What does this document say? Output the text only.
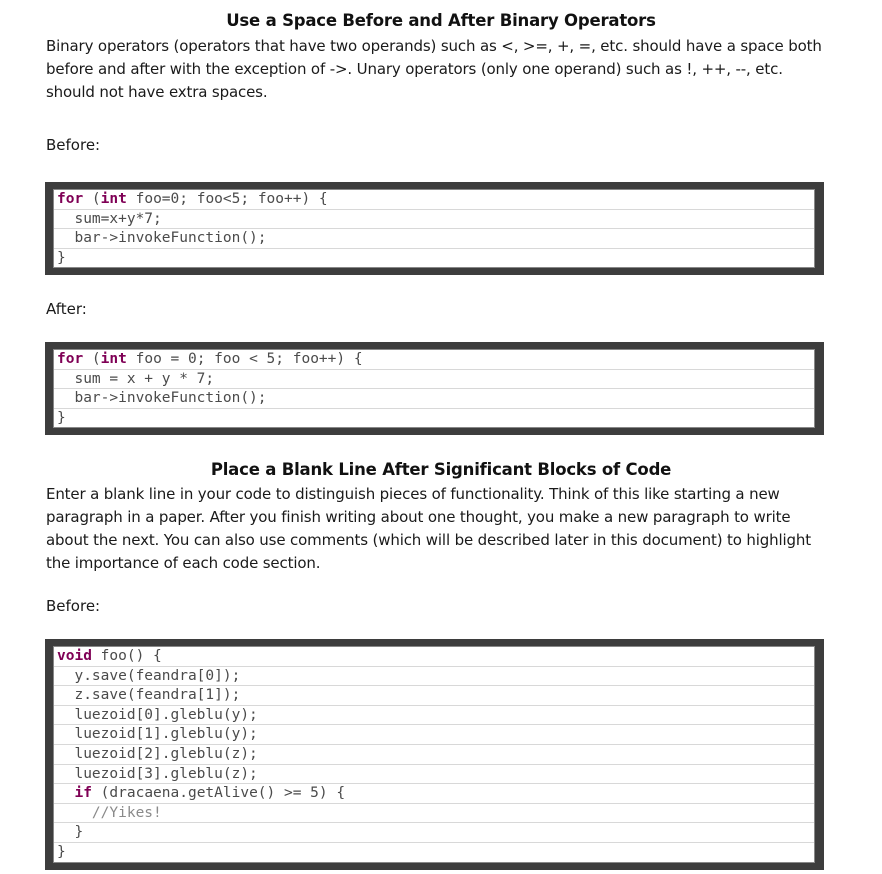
Use a Space Before and After Binary Operators
Binary operators (operators that have two operands) such as <, >=, +, =, etc. should have a space both before and after with the exception of ->. Unary operators (only one operand) such as !, ++, --, etc. should not have extra spaces.
Before:
for (int foo=0; foo<5; foo++) {
sum=x+y*7;
bar->invokeFunction();
}
After:
for (int foo = 0; foo < 5; foo++) {
sum = x + y * 7;
bar->invokeFunction();
}
Place a Blank Line After Significant Blocks of Code
Enter a blank line in your code to distinguish pieces of functionality. Think of this like starting a new paragraph in a paper. After you finish writing about one thought, you make a new paragraph to write about the next. You can also use comments (which will be described later in this document) to highlight the importance of each code section.
Before:
void foo() {
y.save(feandra[0]);
z.save(feandra[1]);
luezoid[0].gleblu(y);
luezoid[1].gleblu(y);
luezoid[2].gleblu(z);
luezoid[3].gleblu(z);
if (dracaena.getAlive() >= 5) {
//Yikes!
}
}
